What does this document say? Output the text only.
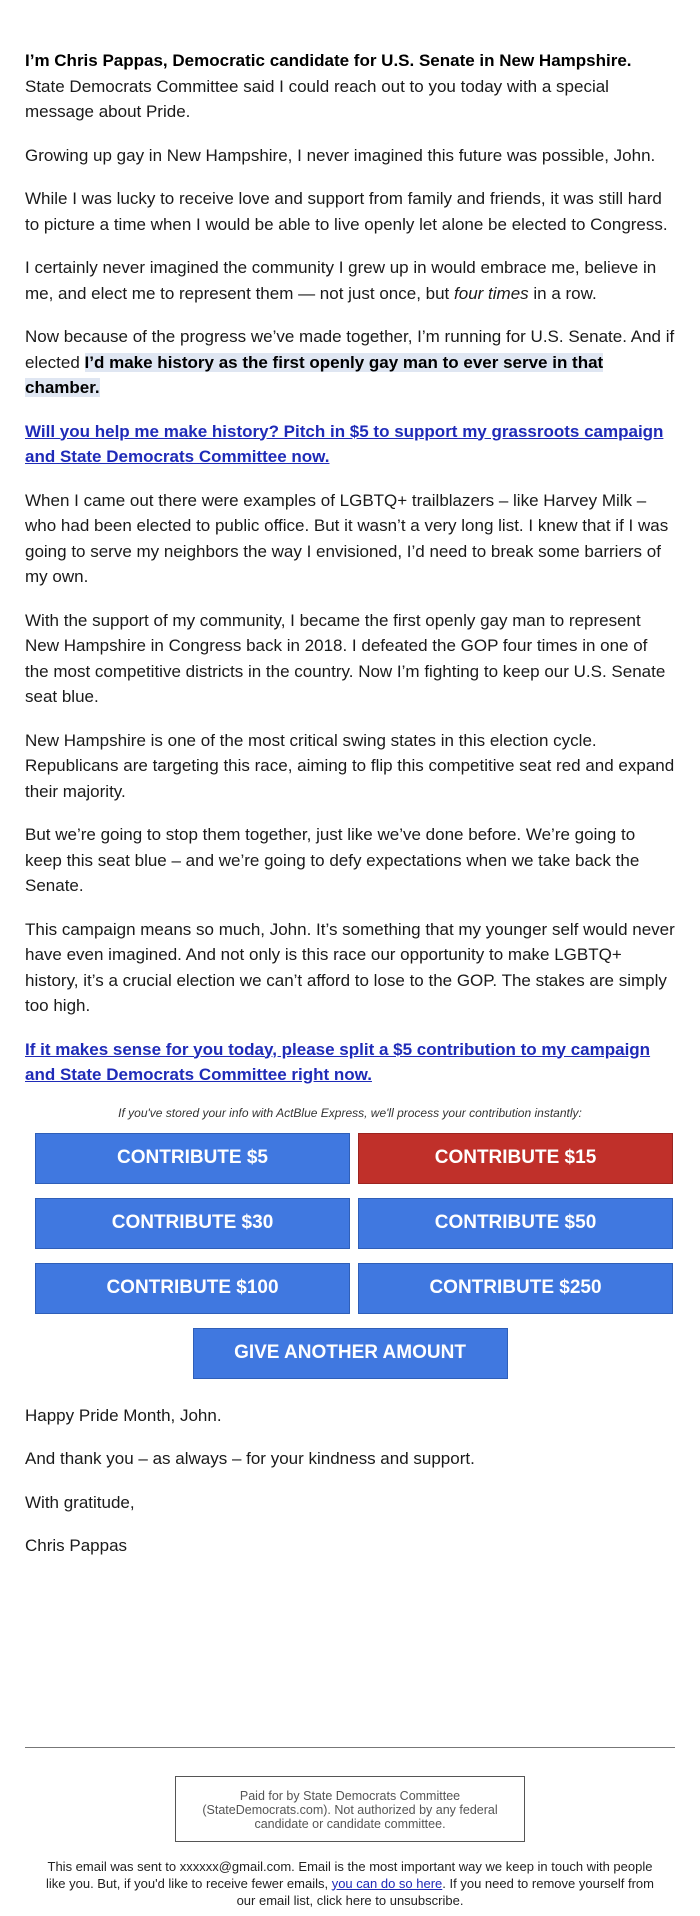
I’m Chris Pappas, Democratic candidate for U.S. Senate in New Hampshire.
State Democrats Committee said I could reach out to you today with a special message about Pride.

Growing up gay in New Hampshire, I never imagined this future was possible, John.

While I was lucky to receive love and support from family and friends, it was still hard to picture a time when I would be able to live openly let alone be elected to Congress.

I certainly never imagined the community I grew up in would embrace me, believe in me, and elect me to represent them — not just once, but four times in a row.

Now because of the progress we’ve made together, I’m running for U.S. Senate. And if elected I’d make history as the first openly gay man to ever serve in that chamber.

Will you help me make history? Pitch in $5 to support my grassroots campaign and State Democrats Committee now.

When I came out there were examples of LGBTQ+ trailblazers – like Harvey Milk – who had been elected to public office. But it wasn’t a very long list. I knew that if I was going to serve my neighbors the way I envisioned, I’d need to break some barriers of my own.

With the support of my community, I became the first openly gay man to represent New Hampshire in Congress back in 2018. I defeated the GOP four times in one of the most competitive districts in the country. Now I’m fighting to keep our U.S. Senate seat blue.

New Hampshire is one of the most critical swing states in this election cycle. Republicans are targeting this race, aiming to flip this competitive seat red and expand their majority.

But we’re going to stop them together, just like we’ve done before. We’re going to keep this seat blue – and we’re going to defy expectations when we take back the Senate.

This campaign means so much, John. It’s something that my younger self would never have even imagined. And not only is this race our opportunity to make LGBTQ+ history, it’s a crucial election we can’t afford to lose to the GOP. The stakes are simply too high.

If it makes sense for you today, please split a $5 contribution to my campaign and State Democrats Committee right now.

If you've stored your info with ActBlue Express, we'll process your contribution instantly:
CONTRIBUTE $5	CONTRIBUTE $15
CONTRIBUTE $30	CONTRIBUTE $50
CONTRIBUTE $100	CONTRIBUTE $250
GIVE ANOTHER AMOUNT

Happy Pride Month, John.

And thank you – as always – for your kindness and support.

With gratitude,

Chris Pappas

Paid for by State Democrats Committee (StateDemocrats.com). Not authorized by any federal candidate or candidate committee.
This email was sent to xxxxxx@gmail.com. Email is the most important way we keep in touch with people like you. But, if you'd like to receive fewer emails, you can do so here. If you need to remove yourself from our email list, click here to unsubscribe.
